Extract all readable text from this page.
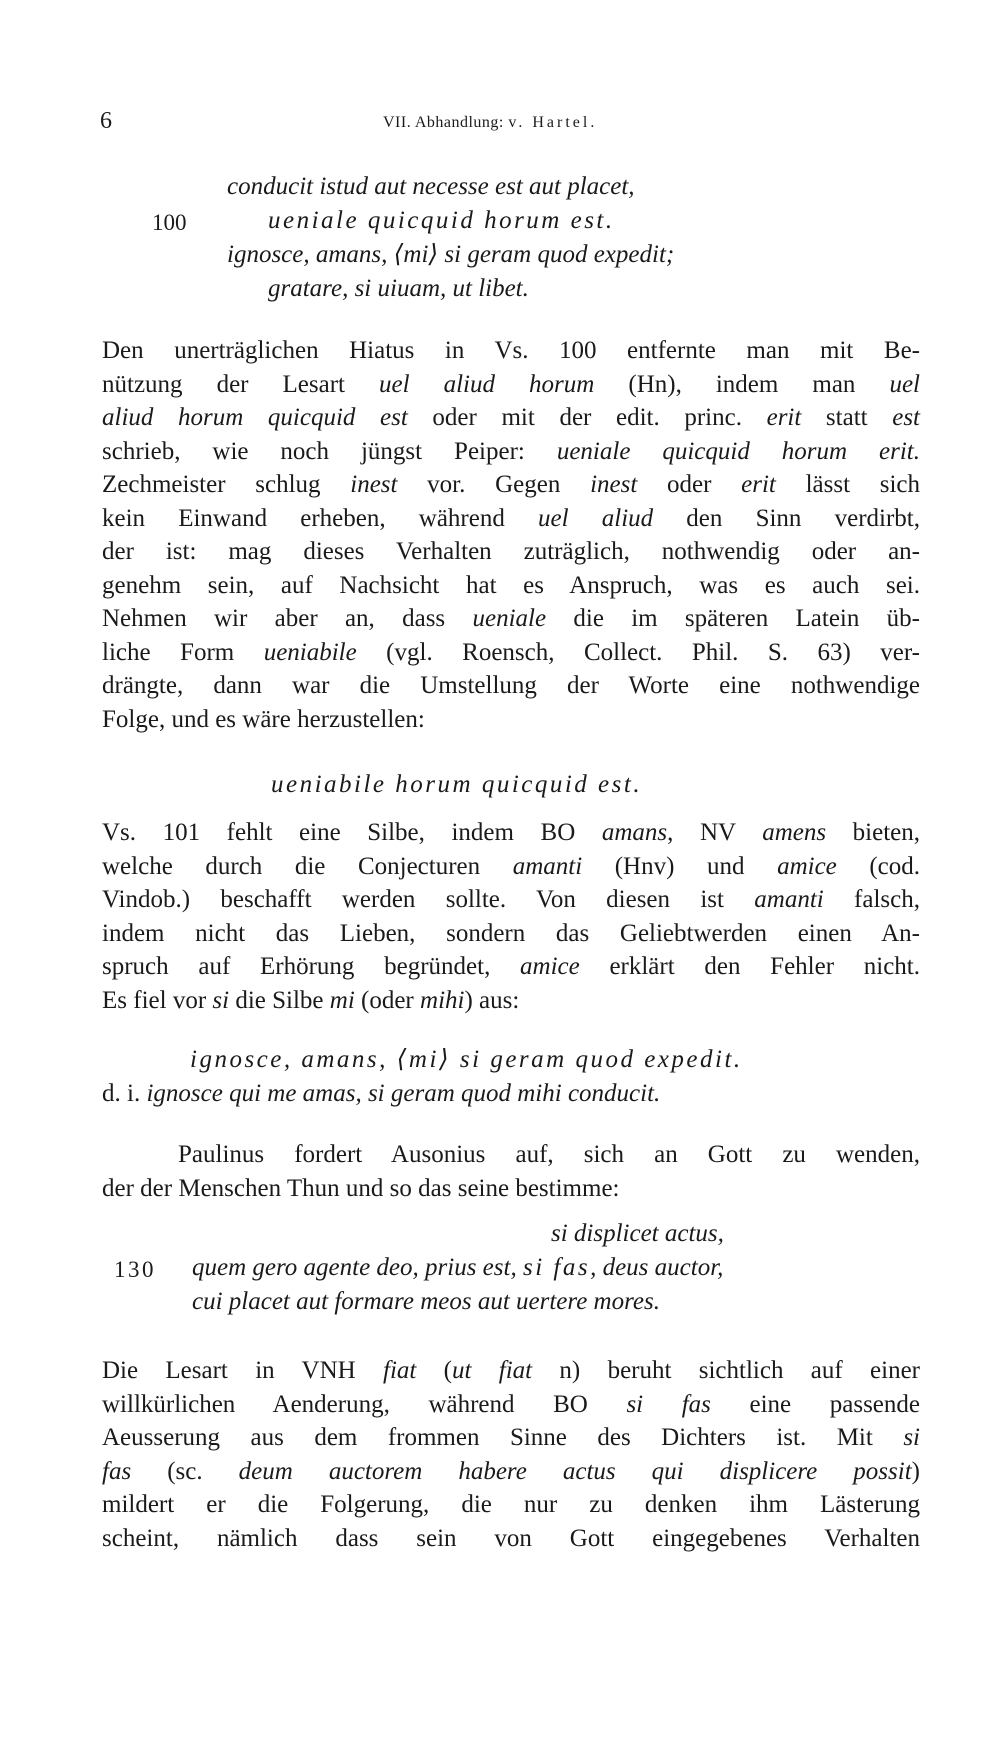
6	VII. Abhandlung: v. Hartel.
conducit istud aut necesse est aut placet,
100	ueniale quicquid horum est.
ignosce, amans, ⟨mi⟩ si geram quod expedit;
gratare, si uiuam, ut libet.
Den unerträglichen Hiatus in Vs. 100 entfernte man mit Be-
nützung der Lesart uel aliud horum (Hn), indem man uel
aliud horum quicquid est oder mit der edit. princ. erit statt est
schrieb, wie noch jüngst Peiper: ueniale quicquid horum erit.
Zechmeister schlug inest vor. Gegen inest oder erit lässt sich
kein Einwand erheben, während uel aliud den Sinn verdirbt,
der ist: mag dieses Verhalten zuträglich, nothwendig oder an-
genehm sein, auf Nachsicht hat es Anspruch, was es auch sei.
Nehmen wir aber an, dass ueniale die im späteren Latein üb-
liche Form ueniabile (vgl. Roensch, Collect. Phil. S. 63) ver-
drängte, dann war die Umstellung der Worte eine nothwendige
Folge, und es wäre herzustellen:
ueniabile horum quicquid est.
Vs. 101 fehlt eine Silbe, indem BO amans, NV amens bieten,
welche durch die Conjecturen amanti (Hnv) und amice (cod.
Vindob.) beschafft werden sollte. Von diesen ist amanti falsch,
indem nicht das Lieben, sondern das Geliebtwerden einen An-
spruch auf Erhörung begründet, amice erklärt den Fehler nicht.
Es fiel vor si die Silbe mi (oder mihi) aus:
ignosce, amans, ⟨mi⟩ si geram quod expedit.
d. i. ignosce qui me amas, si geram quod mihi conducit.
Paulinus fordert Ausonius auf, sich an Gott zu wenden,
der der Menschen Thun und so das seine bestimme:
si displicet actus,
130 quem gero agente deo, prius est, si fas, deus auctor,
cui placet aut formare meos aut uertere mores.
Die Lesart in VNH fiat (ut fiat n) beruht sichtlich auf einer
willkürlichen Aenderung, während BO si fas eine passende
Aeusserung aus dem frommen Sinne des Dichters ist. Mit si
fas (sc. deum auctorem habere actus qui displicere possit)
mildert er die Folgerung, die nur zu denken ihm Lästerung
scheint, nämlich dass sein von Gott eingegebenes Verhalten
